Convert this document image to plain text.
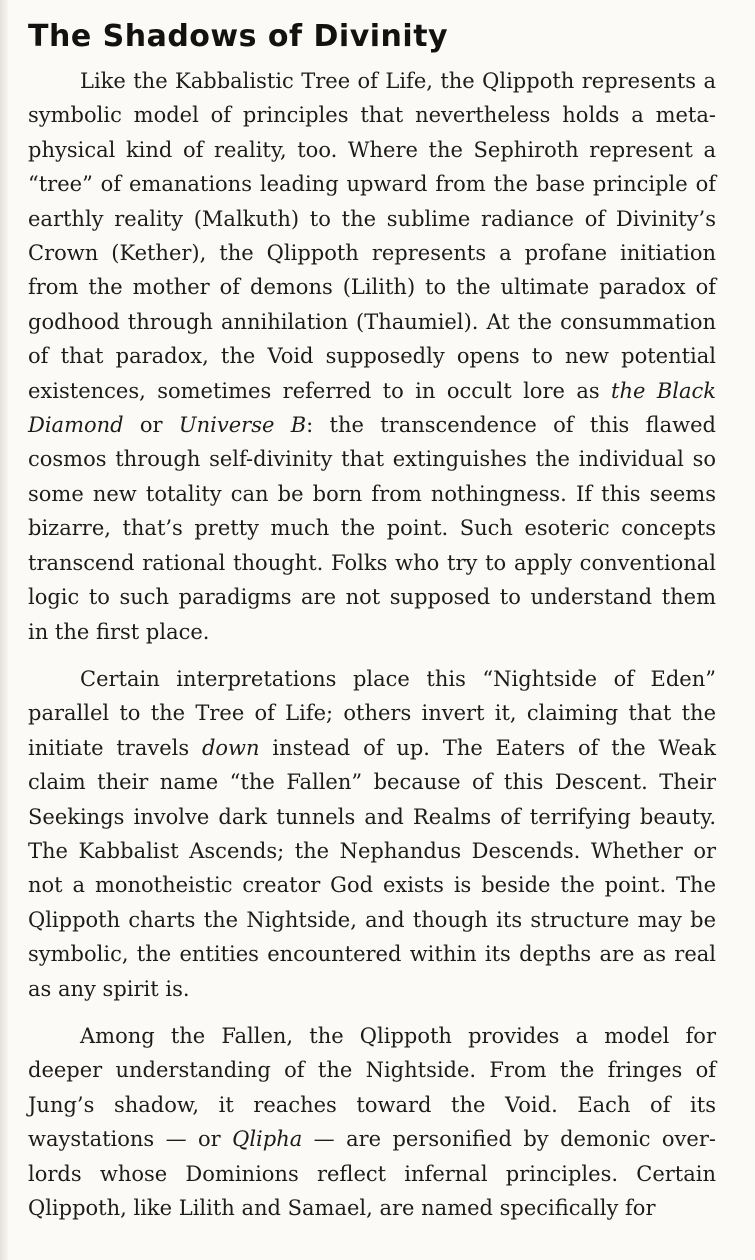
The Shadows of Divinity

Like the Kabbalistic Tree of Life, the Qlippoth represents a symbolic model of principles that nevertheless holds a metaphysical kind of reality, too. Where the Sephiroth represent a “tree” of emanations leading upward from the base principle of earthly reality (Malkuth) to the sublime radiance of Divinity’s Crown (Kether), the Qlippoth represents a profane initiation from the mother of demons (Lilith) to the ultimate paradox of godhood through annihilation (Thaumiel). At the consummation of that paradox, the Void supposedly opens to new potential existences, sometimes referred to in occult lore as the Black Diamond or Universe B: the transcendence of this flawed cosmos through self-divinity that extinguishes the individual so some new totality can be born from nothingness. If this seems bizarre, that’s pretty much the point. Such esoteric concepts transcend rational thought. Folks who try to apply conventional logic to such paradigms are not supposed to understand them in the first place.

Certain interpretations place this “Nightside of Eden” parallel to the Tree of Life; others invert it, claiming that the initiate travels down instead of up. The Eaters of the Weak claim their name “the Fallen” because of this Descent. Their Seekings involve dark tunnels and Realms of terrifying beauty. The Kabbalist Ascends; the Nephandus Descends. Whether or not a monotheistic creator God exists is beside the point. The Qlippoth charts the Nightside, and though its structure may be symbolic, the entities encountered within its depths are as real as any spirit is.

Among the Fallen, the Qlippoth provides a model for deeper understanding of the Nightside. From the fringes of Jung’s shadow, it reaches toward the Void. Each of its waystations — or Qlipha — are personified by demonic overlords whose Dominions reflect infernal principles. Certain Qlippoth, like Lilith and Samael, are named specifically for
